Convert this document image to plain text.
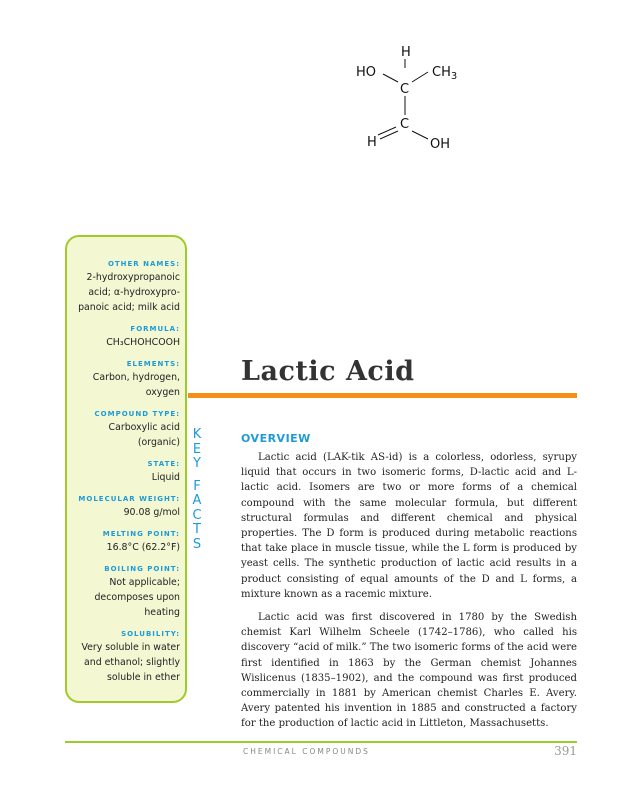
H
HO	$CH_3$
C
C
H	OH
OTHER NAMES:
2-hydroxypropanoic acid; α-hydroxypro-panoic acid; milk acid
FORMULA:
CH₃CHOHCOOH
ELEMENTS:
Carbon, hydrogen, oxygen
COMPOUND TYPE:
Carboxylic acid (organic)
STATE:
Liquid
MOLECULAR WEIGHT:
90.08 g/mol
MELTING POINT:
16.8°C (62.2°F)
BOILING POINT:
Not applicable; decomposes upon heating
SOLUBILITY:
Very soluble in water and ethanol; slightly soluble in ether
K
E
Y
F
A
C
T
S
Lactic Acid
OVERVIEW

Lactic acid (LAK-tik AS-id) is a colorless, odorless, syrupy liquid that occurs in two isomeric forms, D-lactic acid and L-lactic acid. Isomers are two or more forms of a chemical compound with the same molecular formula, but different structural formulas and different chemical and physical properties. The D form is produced during metabolic reactions that take place in muscle tissue, while the L form is produced by yeast cells. The synthetic production of lactic acid results in a product consisting of equal amounts of the D and L forms, a mixture known as a racemic mixture.

Lactic acid was first discovered in 1780 by the Swedish chemist Karl Wilhelm Scheele (1742–1786), who called his discovery “acid of milk.” The two isomeric forms of the acid were first identified in 1863 by the German chemist Johannes Wislicenus (1835–1902), and the compound was first produced commercially in 1881 by American chemist Charles E. Avery. Avery patented his invention in 1885 and constructed a factory for the production of lactic acid in Littleton, Massachusetts.

CHEMICAL COMPOUNDS	391
